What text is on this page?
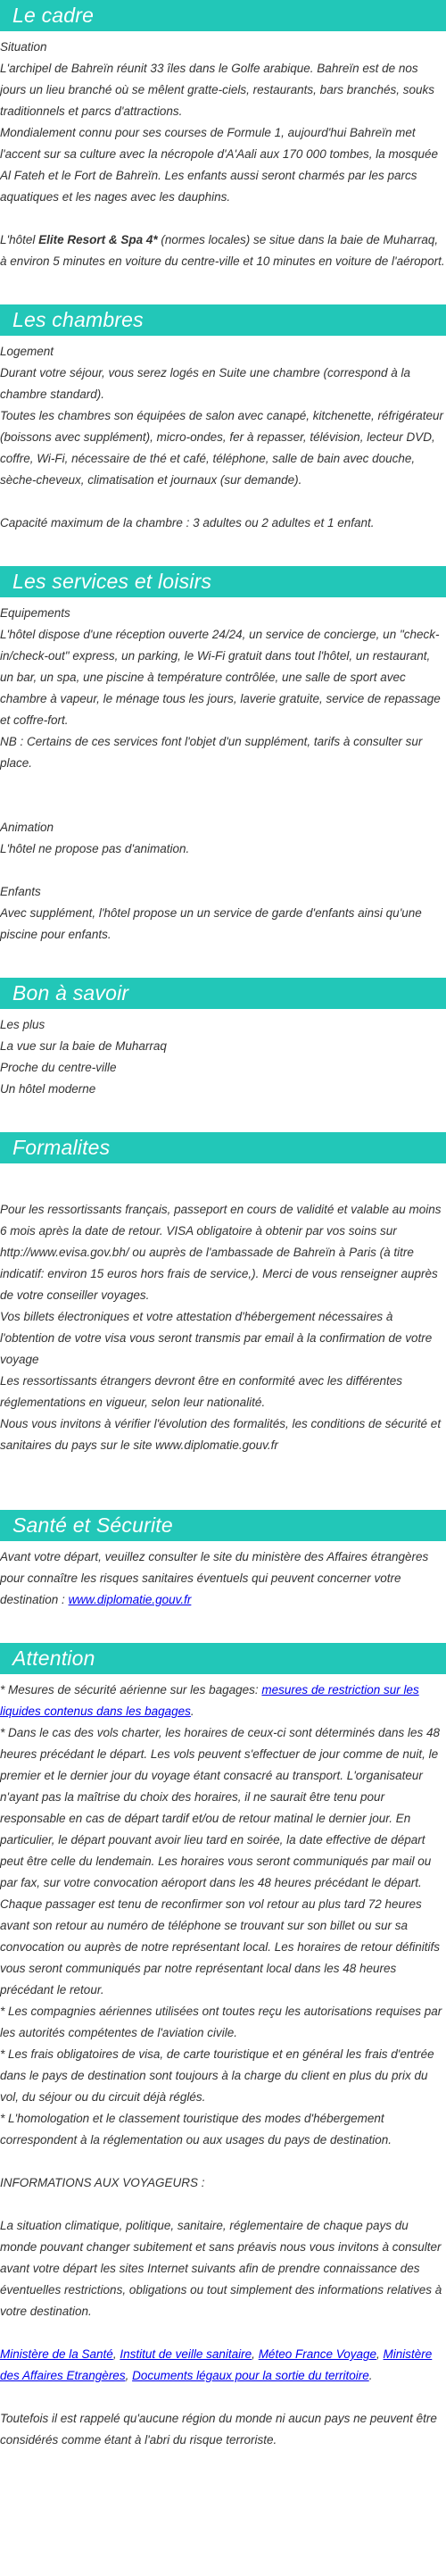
Le cadre

Situation

L'archipel de Bahreïn réunit 33 îles dans le Golfe arabique. Bahreïn est de nos jours un lieu branché où se mêlent gratte-ciels, restaurants, bars branchés, souks traditionnels et parcs d'attractions.

Mondialement connu pour ses courses de Formule 1, aujourd'hui Bahreïn met l'accent sur sa culture avec la nécropole d'A'Aali aux 170 000 tombes, la mosquée Al Fateh et le Fort de Bahreïn. Les enfants aussi seront charmés par les parcs aquatiques et les nages avec les dauphins.

L'hôtel Elite Resort & Spa 4* (normes locales) se situe dans la baie de Muharraq, à environ 5 minutes en voiture du centre-ville et 10 minutes en voiture de l'aéroport.

Les chambres

Logement

Durant votre séjour, vous serez logés en Suite une chambre (correspond à la chambre standard).

Toutes les chambres son équipées de salon avec canapé, kitchenette, réfrigérateur (boissons avec supplément), micro-ondes, fer à repasser, télévision, lecteur DVD, coffre, Wi-Fi, nécessaire de thé et café, téléphone, salle de bain avec douche, sèche-cheveux, climatisation et journaux (sur demande).

Capacité maximum de la chambre : 3 adultes ou 2 adultes et 1 enfant.

Les services et loisirs

Equipements

L'hôtel dispose d'une réception ouverte 24/24, un service de concierge, un "check-in/check-out" express, un parking, le Wi-Fi gratuit dans tout l'hôtel, un restaurant, un bar, un spa, une piscine à température contrôlée, une salle de sport avec chambre à vapeur, le ménage tous les jours, laverie gratuite, service de repassage et coffre-fort.

NB : Certains de ces services font l'objet d'un supplément, tarifs à consulter sur place.

Animation

L'hôtel ne propose pas d'animation.

Enfants

Avec supplément, l'hôtel propose un un service de garde d'enfants ainsi qu'une piscine pour enfants.

Bon à savoir

Les plus

La vue sur la baie de Muharraq

Proche du centre-ville

Un hôtel moderne

Formalites

Pour les ressortissants français, passeport en cours de validité et valable au moins 6 mois après la date de retour. VISA obligatoire à obtenir par vos soins sur http://www.evisa.gov.bh/ ou auprès de l'ambassade de Bahreïn à Paris (à titre indicatif: environ 15 euros hors frais de service,). Merci de vous renseigner auprès de votre conseiller voyages.

Vos billets électroniques et votre attestation d'hébergement nécessaires à l'obtention de votre visa vous seront transmis par email à la confirmation de votre voyage

Les ressortissants étrangers devront être en conformité avec les différentes réglementations en vigueur, selon leur nationalité.

Nous vous invitons à vérifier l'évolution des formalités, les conditions de sécurité et sanitaires du pays sur le site www.diplomatie.gouv.fr

Santé et Sécurite

Avant votre départ, veuillez consulter le site du ministère des Affaires étrangères pour connaître les risques sanitaires éventuels qui peuvent concerner votre destination : www.diplomatie.gouv.fr

Attention

* Mesures de sécurité aérienne sur les bagages: mesures de restriction sur les liquides contenus dans les bagages.

* Dans le cas des vols charter, les horaires de ceux-ci sont déterminés dans les 48 heures précédant le départ. Les vols peuvent s'effectuer de jour comme de nuit, le premier et le dernier jour du voyage étant consacré au transport. L'organisateur n'ayant pas la maîtrise du choix des horaires, il ne saurait être tenu pour responsable en cas de départ tardif et/ou de retour matinal le dernier jour. En particulier, le départ pouvant avoir lieu tard en soirée, la date effective de départ peut être celle du lendemain. Les horaires vous seront communiqués par mail ou par fax, sur votre convocation aéroport dans les 48 heures précédant le départ. Chaque passager est tenu de reconfirmer son vol retour au plus tard 72 heures avant son retour au numéro de téléphone se trouvant sur son billet ou sur sa convocation ou auprès de notre représentant local. Les horaires de retour définitifs vous seront communiqués par notre représentant local dans les 48 heures précédant le retour.

* Les compagnies aériennes utilisées ont toutes reçu les autorisations requises par les autorités compétentes de l'aviation civile.

* Les frais obligatoires de visa, de carte touristique et en général les frais d'entrée dans le pays de destination sont toujours à la charge du client en plus du prix du vol, du séjour ou du circuit déjà réglés.

* L'homologation et le classement touristique des modes d'hébergement correspondent à la réglementation ou aux usages du pays de destination.

INFORMATIONS AUX VOYAGEURS :

La situation climatique, politique, sanitaire, réglementaire de chaque pays du monde pouvant changer subitement et sans préavis nous vous invitons à consulter avant votre départ les sites Internet suivants afin de prendre connaissance des éventuelles restrictions, obligations ou tout simplement des informations relatives à votre destination.

Ministère de la Santé, Institut de veille sanitaire, Méteo France Voyage, Ministère des Affaires Etrangères, Documents légaux pour la sortie du territoire.

Toutefois il est rappelé qu'aucune région du monde ni aucun pays ne peuvent être considérés comme étant à l'abri du risque terroriste.
